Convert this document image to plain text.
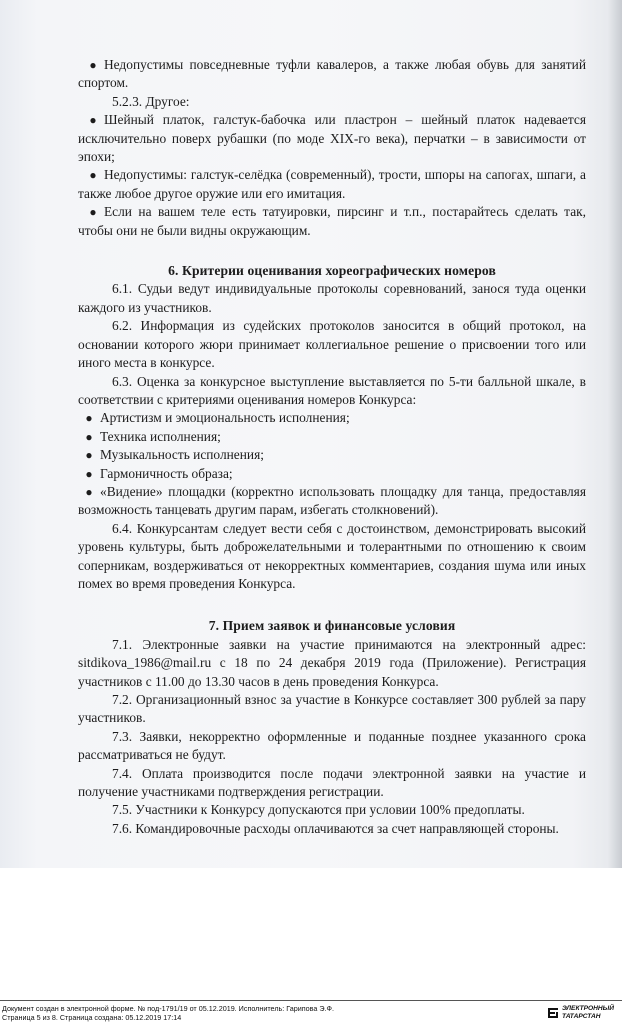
● Недопустимы повседневные туфли кавалеров, а также любая обувь для занятий спортом.

5.2.3. Другое:

● Шейный платок, галстук-бабочка или пластрон – шейный платок надевается исключительно поверх рубашки (по моде XIX-го века), перчатки – в зависимости от эпохи;

● Недопустимы: галстук-селёдка (современный), трости, шпоры на сапогах, шпаги, а также любое другое оружие или его имитация.

● Если на вашем теле есть татуировки, пирсинг и т.п., постарайтесь сделать так, чтобы они не были видны окружающим.

6. Критерии оценивания хореографических номеров

6.1. Судьи ведут индивидуальные протоколы соревнований, занося туда оценки каждого из участников.

6.2. Информация из судейских протоколов заносится в общий протокол, на основании которого жюри принимает коллегиальное решение о присвоении того или иного места в конкурсе.

6.3. Оценка за конкурсное выступление выставляется по 5-ти балльной шкале, в соответствии с критериями оценивания номеров Конкурса:

● Артистизм и эмоциональность исполнения;

● Техника исполнения;

● Музыкальность исполнения;

● Гармоничность образа;

● «Видение» площадки (корректно использовать площадку для танца, предоставляя возможность танцевать другим парам, избегать столкновений).

6.4. Конкурсантам следует вести себя с достоинством, демонстрировать высокий уровень культуры, быть доброжелательными и толерантными по отношению к своим соперникам, воздерживаться от некорректных комментариев, создания шума или иных помех во время проведения Конкурса.

7. Прием заявок и финансовые условия

7.1. Электронные заявки на участие принимаются на электронный адрес: sitdikova_1986@mail.ru с 18 по 24 декабря 2019 года (Приложение). Регистрация участников с 11.00 до 13.30 часов в день проведения Конкурса.

7.2. Организационный взнос за участие в Конкурсе составляет 300 рублей за пару участников.

7.3. Заявки, некорректно оформленные и поданные позднее указанного срока рассматриваться не будут.

7.4. Оплата производится после подачи электронной заявки на участие и получение участниками подтверждения регистрации.

7.5. Участники к Конкурсу допускаются при условии 100% предоплаты.

7.6. Командировочные расходы оплачиваются за счет направляющей стороны.

Документ создан в электронной форме. № под-1791/19 от 05.12.2019. Исполнитель: Гарипова Э.Ф.
Страница 5 из 8. Страница создана: 05.12.2019 17:14
ЭЛЕКТРОННЫЙ
ТАТАРСТАН
